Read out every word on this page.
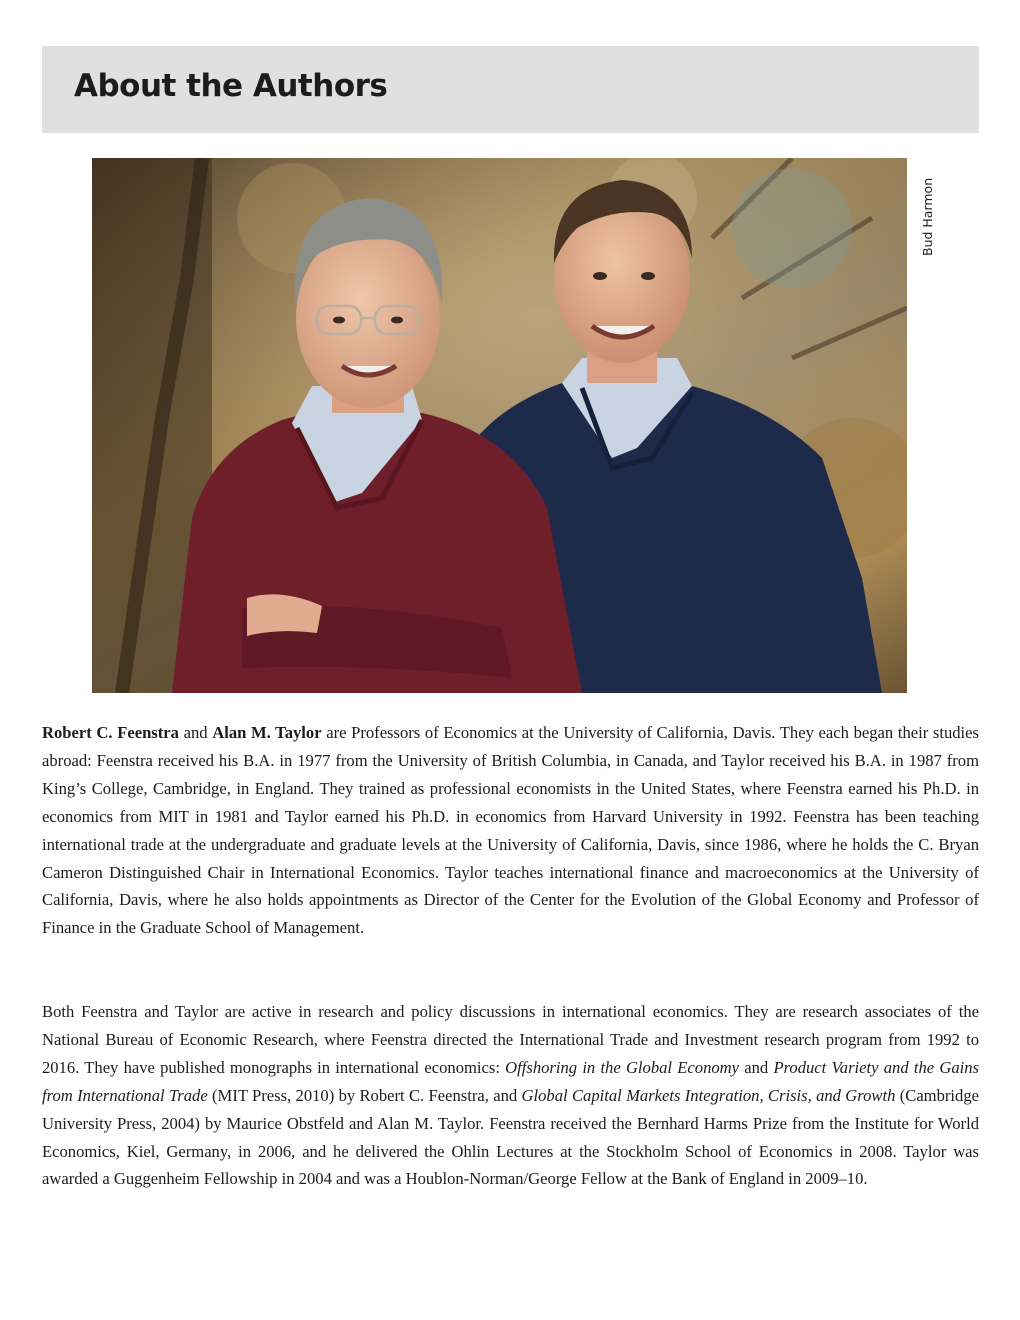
About the Authors
Bud Harmon

Robert C. Feenstra and Alan M. Taylor are Professors of Economics at the University of California, Davis. They each began their studies abroad: Feenstra received his B.A. in 1977 from the University of British Columbia, in Canada, and Taylor received his B.A. in 1987 from King’s College, Cambridge, in England. They trained as professional economists in the United States, where Feenstra earned his Ph.D. in economics from MIT in 1981 and Taylor earned his Ph.D. in economics from Harvard University in 1992. Feenstra has been teaching international trade at the undergraduate and graduate levels at the University of California, Davis, since 1986, where he holds the C. Bryan Cameron Distinguished Chair in International Economics. Taylor teaches international finance and macroeconomics at the University of California, Davis, where he also holds appointments as Director of the Center for the Evolution of the Global Economy and Professor of Finance in the Graduate School of Management.

Both Feenstra and Taylor are active in research and policy discussions in international economics. They are research associates of the National Bureau of Economic Research, where Feenstra directed the International Trade and Investment research program from 1992 to 2016. They have published monographs in international economics: Offshoring in the Global Economy and Product Variety and the Gains from International Trade (MIT Press, 2010) by Robert C. Feenstra, and Global Capital Markets Integration, Crisis, and Growth (Cambridge University Press, 2004) by Maurice Obstfeld and Alan M. Taylor. Feenstra received the Bernhard Harms Prize from the Institute for World Economics, Kiel, Germany, in 2006, and he delivered the Ohlin Lectures at the Stockholm School of Economics in 2008. Taylor was awarded a Guggenheim Fellowship in 2004 and was a Houblon-Norman/George Fellow at the Bank of England in 2009–10.
